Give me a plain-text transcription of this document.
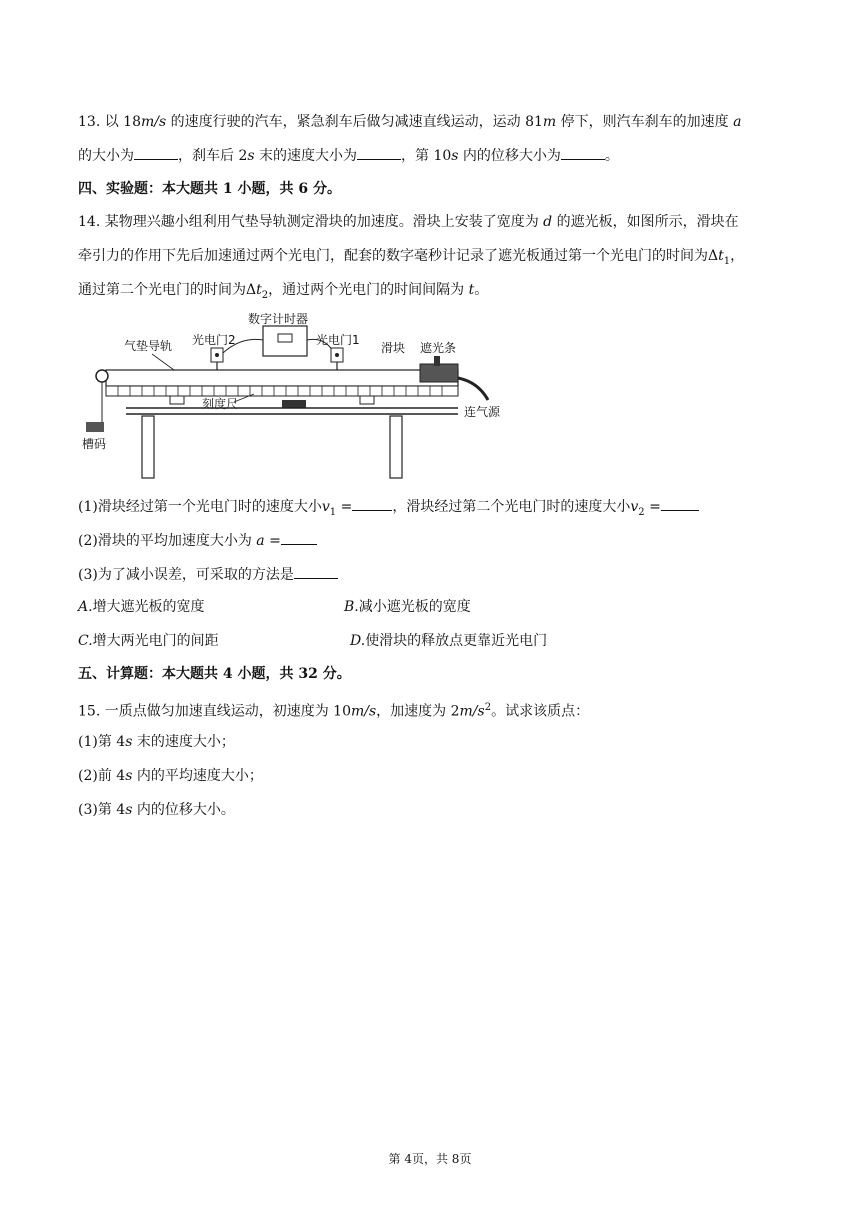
13. 以 18m/s 的速度行驶的汽车，紧急刹车后做匀减速直线运动，运动 81m 停下，则汽车刹车的加速度 a
的大小为	，刹车后 2s 末的速度大小为	，第 10s 内的位移大小为	。
四、实验题：本大题共 1 小题，共 6 分。
14. 某物理兴趣小组利用气垫导轨测定滑块的加速度。滑块上安装了宽度为 d 的遮光板，如图所示，滑块在
牵引力的作用下先后加速通过两个光电门，配套的数字毫秒计记录了遮光板通过第一个光电门的时间为$\Delta t_1$，
通过第二个光电门的时间为$\Delta t_2$，通过两个光电门的时间间隔为 t。
数字计时器
光电门2	光电门1
气垫导轨	滑块 遮光条
连气源
槽码
刻度尺
(1)滑块经过第一个光电门时的速度大小$v_1$ =	，滑块经过第二个光电门时的速度大小$v_2$ =
(2)滑块的平均加速度大小为 a =
(3)为了减小误差，可采取的方法是
A.增大遮光板的宽度	B.减小遮光板的宽度
C.增大两光电门的间距	D.使滑块的释放点更靠近光电门
五、计算题：本大题共 4 小题，共 32 分。
15. 一质点做匀加速直线运动，初速度为 10m/s，加速度为 $2m/s^2$。试求该质点：
(1)第 4s 末的速度大小；
(2)前 4s 内的平均速度大小；
(3)第 4s 内的位移大小。
第 4页，共 8页
